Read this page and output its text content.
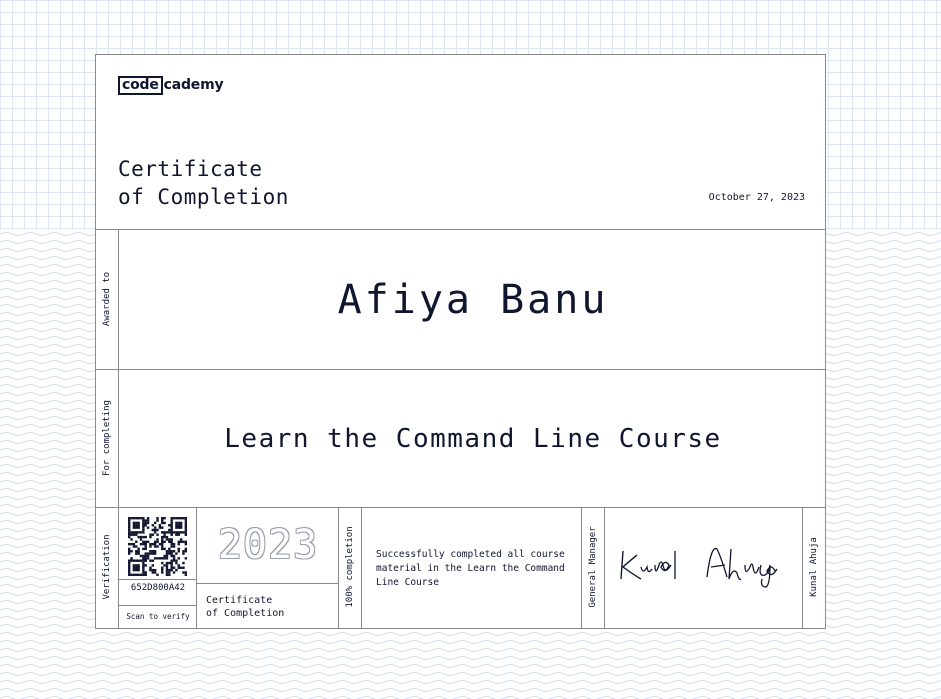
code cademy
Certificate
of Completion	October 27, 2023
Awarded to
For completing
Verification	100% completion	General Manager	Kunal Ahuja
Afiya Banu
Learn the Command Line Course
652D800A42
Scan to verify
2023
Certificate
of Completion
Successfully completed all course material in the Learn the Command Line Course
